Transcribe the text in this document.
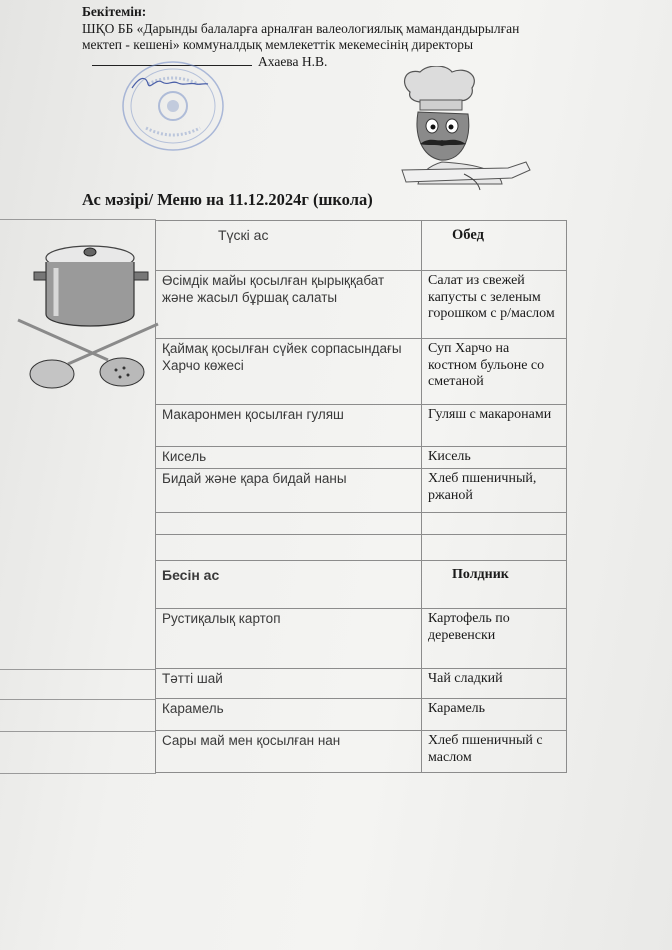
Бекітемін:
ШҚО ББ «Дарынды балаларға арналған валеологиялық мамандандырылған
мектеп - кешені» коммуналдық мемлекеттік мекемесінің директоры
Ахаева Н.В.
Ас мәзірі/ Меню на 11.12.2024г (школа)
Түскі ас	Обед
Өсімдік майы қосылған қырыққабат және жасыл бұршақ салаты	Салат из свежей капусты с зеленым горошком с р/маслом
Қаймақ қосылған сүйек сорпасындағы Харчо көжесі	Суп Харчо на костном бульоне со сметаной
Макаронмен қосылған гуляш	Гуляш с макаронами
Кисель	Кисель
Бидай және қара бидай наны	Хлеб пшеничный, ржаной

Бесін ас	Полдник
Рустиқалық картоп	Картофель по деревенски
Тәтті шай	Чай сладкий
Карамель	Карамель
Сары май мен қосылған нан	Хлеб пшеничный с маслом
